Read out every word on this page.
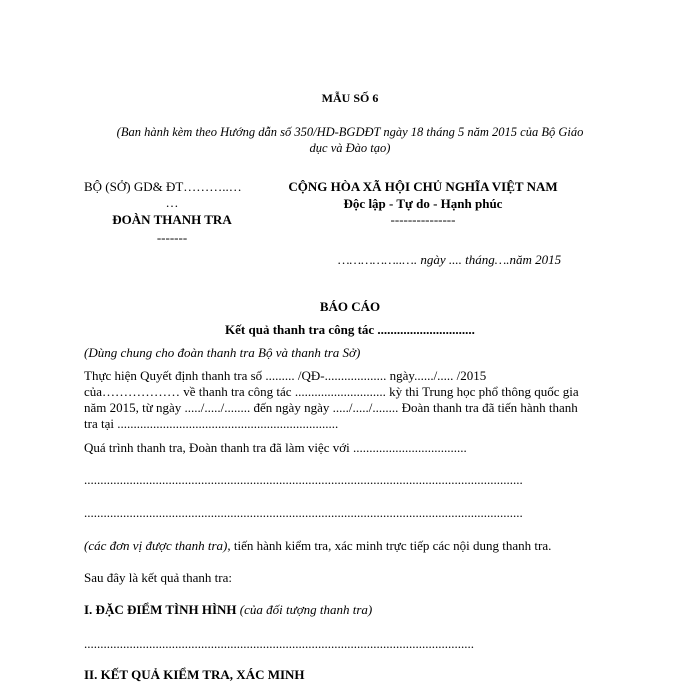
MẪU SỐ 6
(Ban hành kèm theo Hướng dẫn số 350/HD-BGDĐT ngày 18 tháng 5 năm 2015 của Bộ Giáo
dục và Đào tạo)
BỘ (SỞ) GD& ĐT………..…
…
ĐOÀN THANH TRA
-------
CỘNG HÒA XÃ HỘI CHỦ NGHĨA VIỆT NAM
Độc lập - Tự do - Hạnh phúc
---------------
……………..…. ngày .... tháng….năm 2015
BÁO CÁO
Kết quả thanh tra công tác ..............................
(Dùng chung cho đoàn thanh tra Bộ và thanh tra Sở)
Thực hiện Quyết định thanh tra số ......... /QĐ-................... ngày....../..... /2015
của……………… về thanh tra công tác ............................ kỳ thi Trung học phổ thông quốc gia
năm 2015, từ ngày ...../...../........ đến ngày ngày ...../...../........ Đoàn thanh tra đã tiến hành thanh
tra tại ....................................................................
Quá trình thanh tra, Đoàn thanh tra đã làm việc với ...................................
.......................................................................................................................................
.......................................................................................................................................
(các đơn vị được thanh tra), tiến hành kiểm tra, xác minh trực tiếp các nội dung thanh tra.
Sau đây là kết quả thanh tra:
I. ĐẶC ĐIỂM TÌNH HÌNH (của đối tượng thanh tra)
........................................................................................................................
II. KẾT QUẢ KIỂM TRA, XÁC MINH
